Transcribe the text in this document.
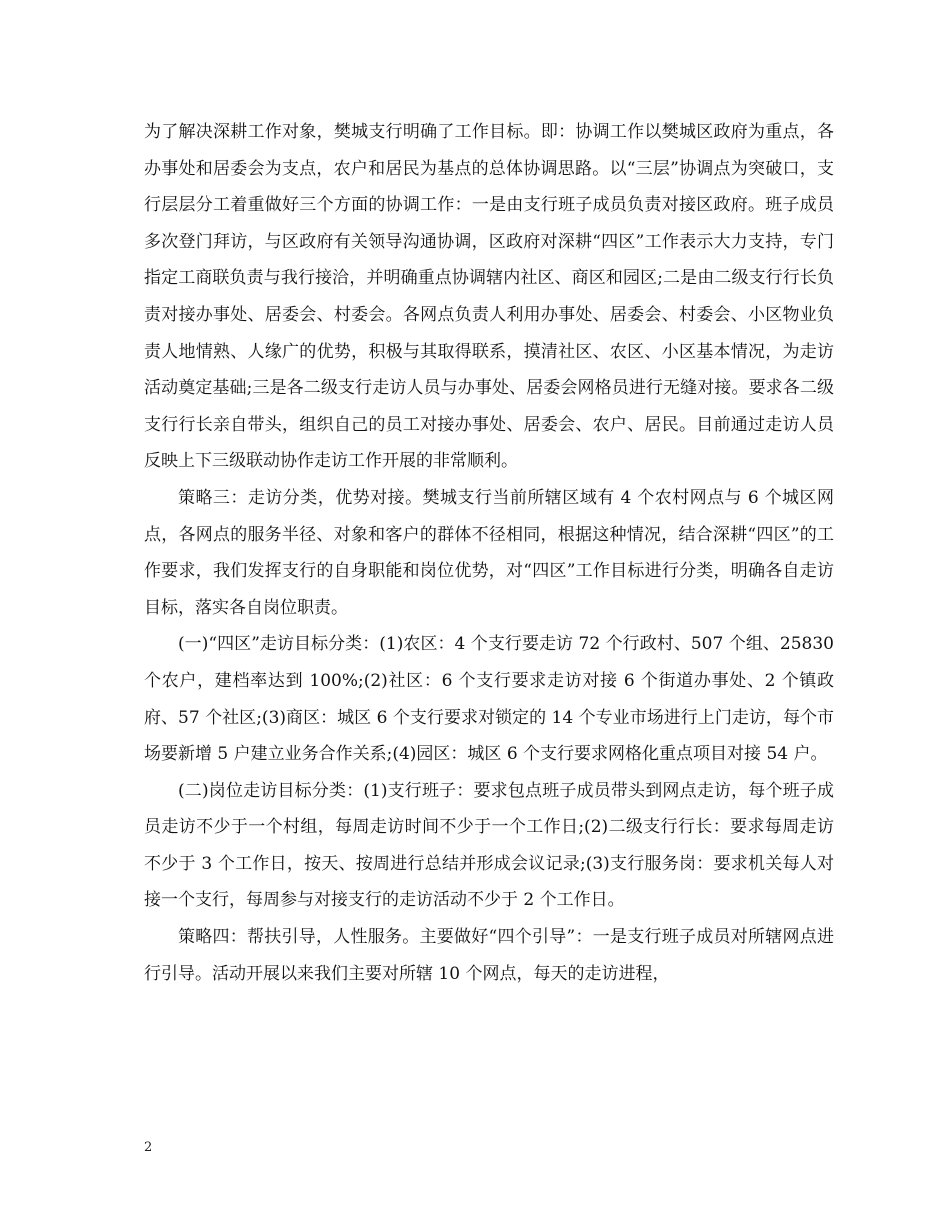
为了解决深耕工作对象，樊城支行明确了工作目标。即：协调工作以樊城区政府为重点，各办事处和居委会为支点，农户和居民为基点的总体协调思路。以“三层”协调点为突破口，支行层层分工着重做好三个方面的协调工作：一是由支行班子成员负责对接区政府。班子成员多次登门拜访，与区政府有关领导沟通协调，区政府对深耕“四区”工作表示大力支持，专门指定工商联负责与我行接洽，并明确重点协调辖内社区、商区和园区;二是由二级支行行长负责对接办事处、居委会、村委会。各网点负责人利用办事处、居委会、村委会、小区物业负责人地情熟、人缘广的优势，积极与其取得联系，摸清社区、农区、小区基本情况，为走访活动奠定基础;三是各二级支行走访人员与办事处、居委会网格员进行无缝对接。要求各二级支行行长亲自带头，组织自己的员工对接办事处、居委会、农户、居民。目前通过走访人员反映上下三级联动协作走访工作开展的非常顺利。

策略三：走访分类，优势对接。樊城支行当前所辖区域有 4 个农村网点与 6 个城区网点，各网点的服务半径、对象和客户的群体不径相同，根据这种情况，结合深耕“四区”的工作要求，我们发挥支行的自身职能和岗位优势，对“四区”工作目标进行分类，明确各自走访目标，落实各自岗位职责。

(一)“四区”走访目标分类：(1)农区：4 个支行要走访 72 个行政村、507 个组、25830 个农户，建档率达到 100%;(2)社区：6 个支行要求走访对接 6 个街道办事处、2 个镇政府、57 个社区;(3)商区：城区 6 个支行要求对锁定的 14 个专业市场进行上门走访，每个市场要新增 5 户建立业务合作关系;(4)园区：城区 6 个支行要求网格化重点项目对接 54 户。

(二)岗位走访目标分类：(1)支行班子：要求包点班子成员带头到网点走访，每个班子成员走访不少于一个村组，每周走访时间不少于一个工作日;(2)二级支行行长：要求每周走访不少于 3 个工作日，按天、按周进行总结并形成会议记录;(3)支行服务岗：要求机关每人对接一个支行，每周参与对接支行的走访活动不少于 2 个工作日。

策略四：帮扶引导，人性服务。主要做好“四个引导”：一是支行班子成员对所辖网点进行引导。活动开展以来我们主要对所辖 10 个网点，每天的走访进程，

2
